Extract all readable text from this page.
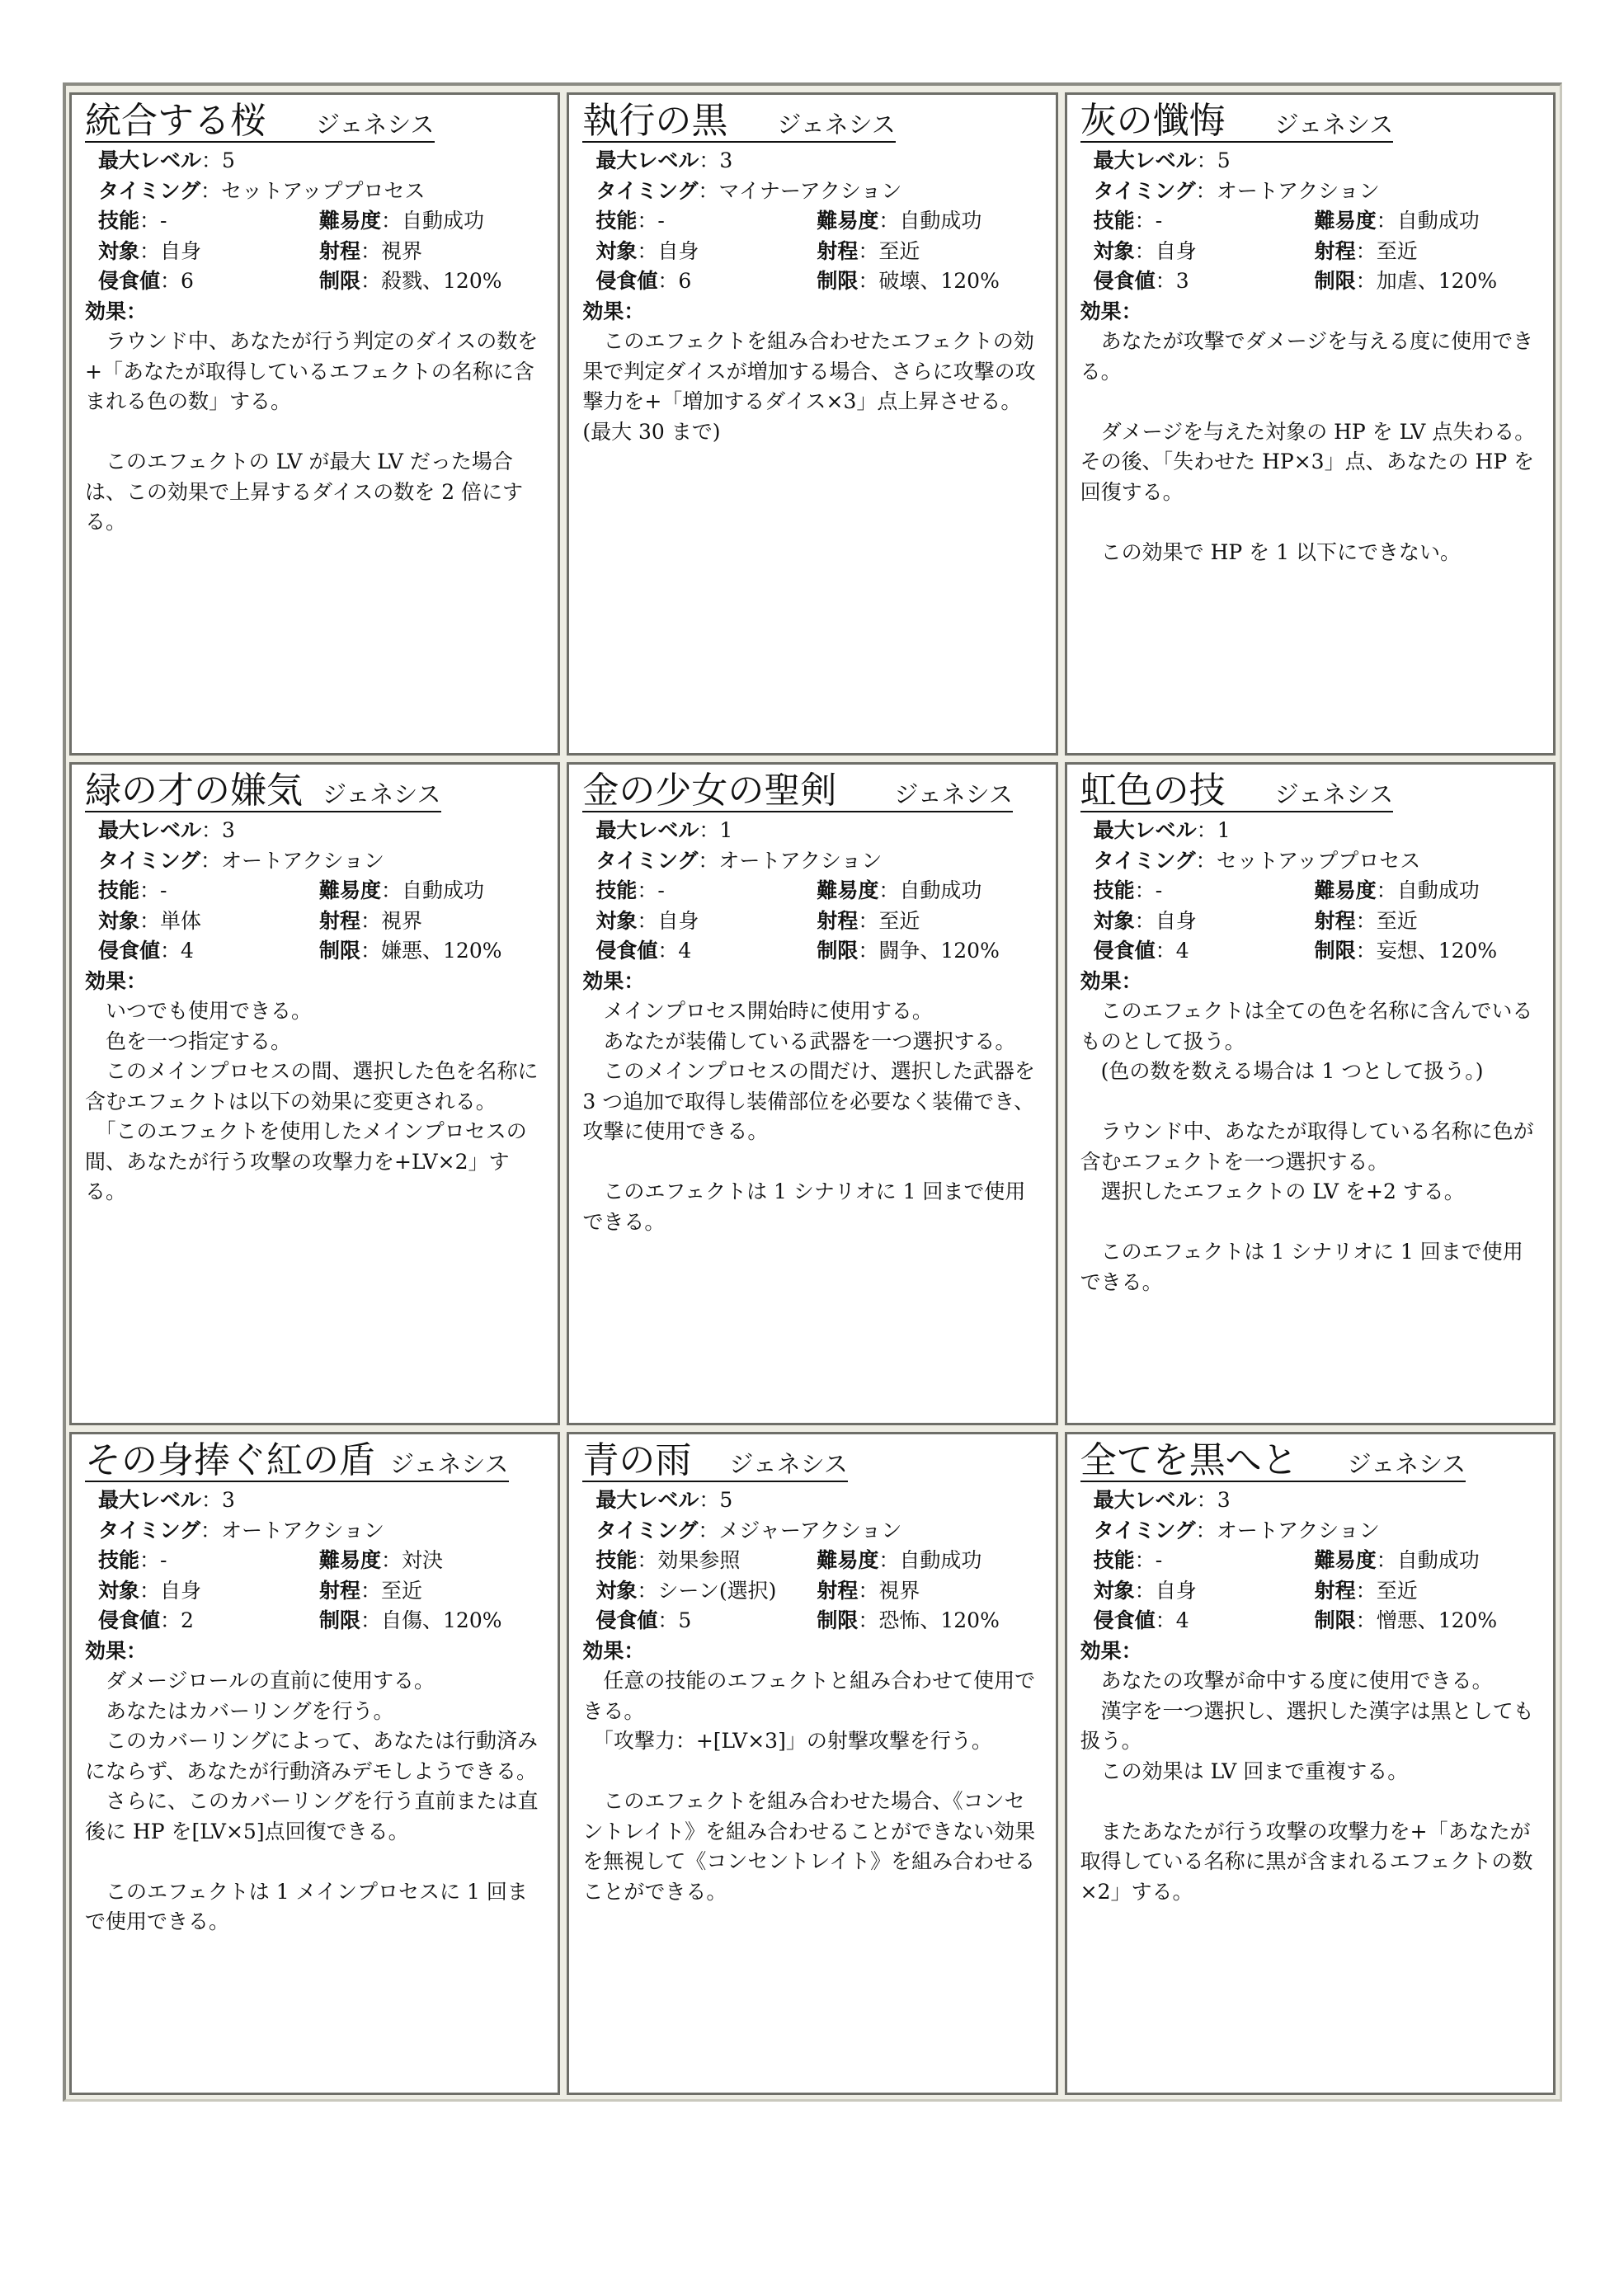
統合する桜 ジェネシス
最大レベル：5
タイミング：セットアッププロセス
技能：-	難易度：自動成功
対象：自身	射程：視界
侵食値：6	制限：殺戮、120%
効果：

　ラウンド中、あなたが行う判定のダイスの数を+「あなたが取得しているエフェクトの名称に含まれる色の数」する。

　このエフェクトの LV が最大 LV だった場合は、この効果で上昇するダイスの数を 2 倍にする。

執行の黒 ジェネシス
最大レベル：3
タイミング：マイナーアクション
技能：-	難易度：自動成功
対象：自身	射程：至近
侵食値：6	制限：破壊、120%
効果：

　このエフェクトを組み合わせたエフェクトの効果で判定ダイスが増加する場合、さらに攻撃の攻撃力を+「増加するダイス×3」点上昇させる。(最大 30 まで)

灰の懺悔 ジェネシス
最大レベル：5
タイミング：オートアクション
技能：-	難易度：自動成功
対象：自身	射程：至近
侵食値：3	制限：加虐、120%
効果：

　あなたが攻撃でダメージを与える度に使用できる。

　ダメージを与えた対象の HP を LV 点失わる。その後、「失わせた HP×3」点、あなたの HP を回復する。

　この効果で HP を 1 以下にできない。

緑の才の嫌気 ジェネシス
最大レベル：3
タイミング：オートアクション
技能：-	難易度：自動成功
対象：単体	射程：視界
侵食値：4	制限：嫌悪、120%
効果：

　いつでも使用できる。

　色を一つ指定する。

　このメインプロセスの間、選択した色を名称に含むエフェクトは以下の効果に変更される。

　「このエフェクトを使用したメインプロセスの間、あなたが行う攻撃の攻撃力を+LV×2」する。

金の少女の聖剣 ジェネシス
最大レベル：1
タイミング：オートアクション
技能：-	難易度：自動成功
対象：自身	射程：至近
侵食値：4	制限：闘争、120%
効果：

　メインプロセス開始時に使用する。

　あなたが装備している武器を一つ選択する。

　このメインプロセスの間だけ、選択した武器を 3 つ追加で取得し装備部位を必要なく装備でき、攻撃に使用できる。

　このエフェクトは 1 シナリオに 1 回まで使用できる。

虹色の技 ジェネシス
最大レベル：1
タイミング：セットアッププロセス
技能：-	難易度：自動成功
対象：自身	射程：至近
侵食値：4	制限：妄想、120%
効果：

　このエフェクトは全ての色を名称に含んでいるものとして扱う。

　(色の数を数える場合は 1 つとして扱う。)

　ラウンド中、あなたが取得している名称に色が含むエフェクトを一つ選択する。

　選択したエフェクトの LV を+2 する。

　このエフェクトは 1 シナリオに 1 回まで使用できる。

その身捧ぐ紅の盾 ジェネシス
最大レベル：3
タイミング：オートアクション
技能：-	難易度：対決
対象：自身	射程：至近
侵食値：2	制限：自傷、120%
効果：

　ダメージロールの直前に使用する。

　あなたはカバーリングを行う。

　このカバーリングによって、あなたは行動済みにならず、あなたが行動済みデモしようできる。

　さらに、このカバーリングを行う直前または直後に HP を[LV×5]点回復できる。

　このエフェクトは 1 メインプロセスに 1 回まで使用できる。

青の雨 ジェネシス
最大レベル：5
タイミング：メジャーアクション
技能：効果参照	難易度：自動成功
対象：シーン(選択)	射程：視界
侵食値：5	制限：恐怖、120%
効果：

　任意の技能のエフェクトと組み合わせて使用できる。

　「攻撃力：+[LV×3]」の射撃攻撃を行う。

　このエフェクトを組み合わせた場合、《コンセントレイト》を組み合わせることができない効果を無視して《コンセントレイト》を組み合わせることができる。

全てを黒へと ジェネシス
最大レベル：3
タイミング：オートアクション
技能：-	難易度：自動成功
対象：自身	射程：至近
侵食値：4	制限：憎悪、120%
効果：

　あなたの攻撃が命中する度に使用できる。

　漢字を一つ選択し、選択した漢字は黒としても扱う。

　この効果は LV 回まで重複する。

　またあなたが行う攻撃の攻撃力を+「あなたが取得している名称に黒が含まれるエフェクトの数×2」する。
